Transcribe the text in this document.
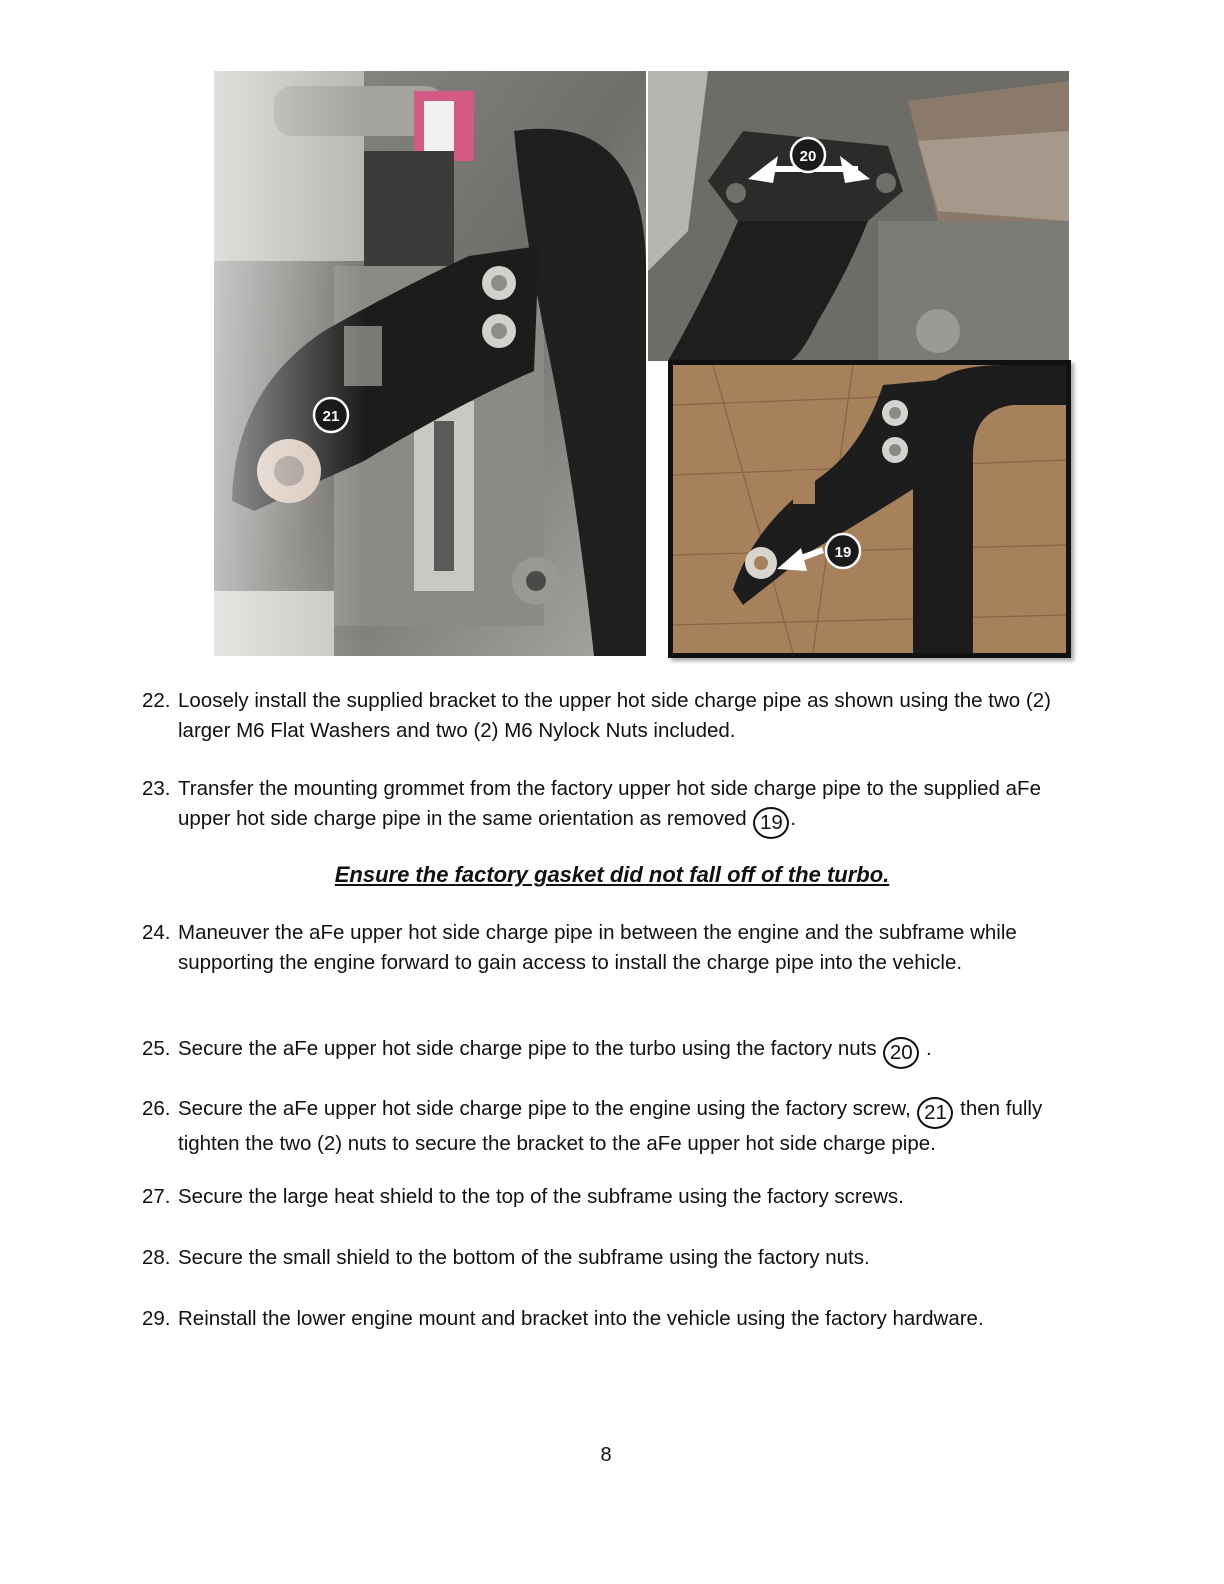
21
20
19
22. Loosely install the supplied bracket to the upper hot side charge pipe as shown using the two (2) larger M6 Flat Washers and two (2) M6 Nylock Nuts included.
23. Transfer the mounting grommet from the factory upper hot side charge pipe to the supplied aFe upper hot side charge pipe in the same orientation as removed 19 .
24. Maneuver the aFe upper hot side charge pipe in between the engine and the subframe while supporting the engine forward to gain access to install the charge pipe into the vehicle.
25. Secure the aFe upper hot side charge pipe to the turbo using the factory nuts 20 .
26. Secure the aFe upper hot side charge pipe to the engine using the factory screw, 21 then fully tighten the two (2) nuts to secure the bracket to the aFe upper hot side charge pipe.
27. Secure the large heat shield to the top of the subframe using the factory screws.
28. Secure the small shield to the bottom of the subframe using the factory nuts.
29. Reinstall the lower engine mount and bracket into the vehicle using the factory hardware.
Ensure the factory gasket did not fall off of the turbo.
8
